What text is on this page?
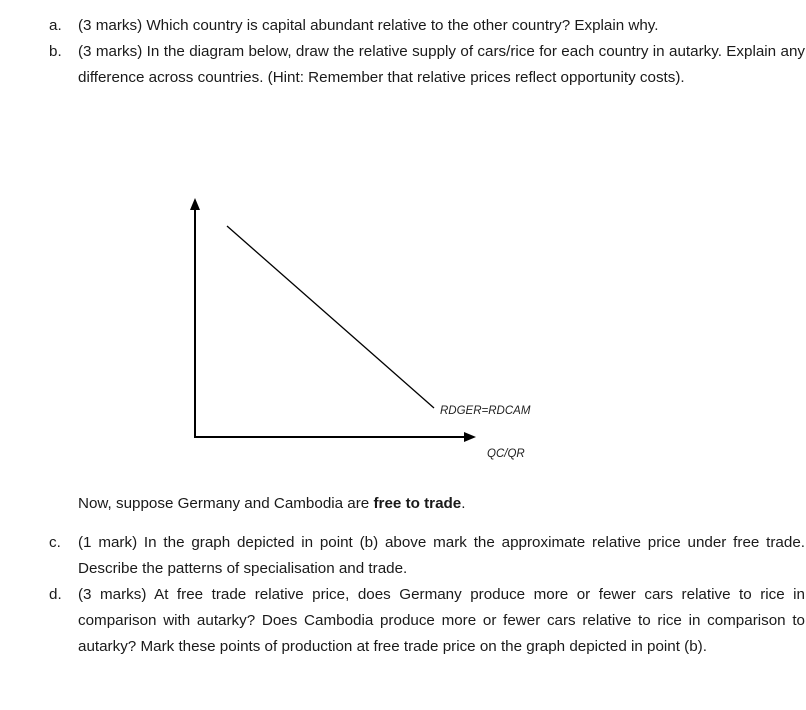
a. (3 marks) Which country is capital abundant relative to the other country? Explain why.
b. (3 marks) In the diagram below, draw the relative supply of cars/rice for each country in autarky. Explain any difference across countries. (Hint: Remember that relative prices reflect opportunity costs).
RDGER=RDCAM
QC/QR
Now, suppose Germany and Cambodia are free to trade.
c. (1 mark) In the graph depicted in point (b) above mark the approximate relative price under free trade. Describe the patterns of specialisation and trade.
d. (3 marks) At free trade relative price, does Germany produce more or fewer cars relative to rice in comparison with autarky? Does Cambodia produce more or fewer cars relative to rice in comparison to autarky? Mark these points of production at free trade price on the graph depicted in point (b).
